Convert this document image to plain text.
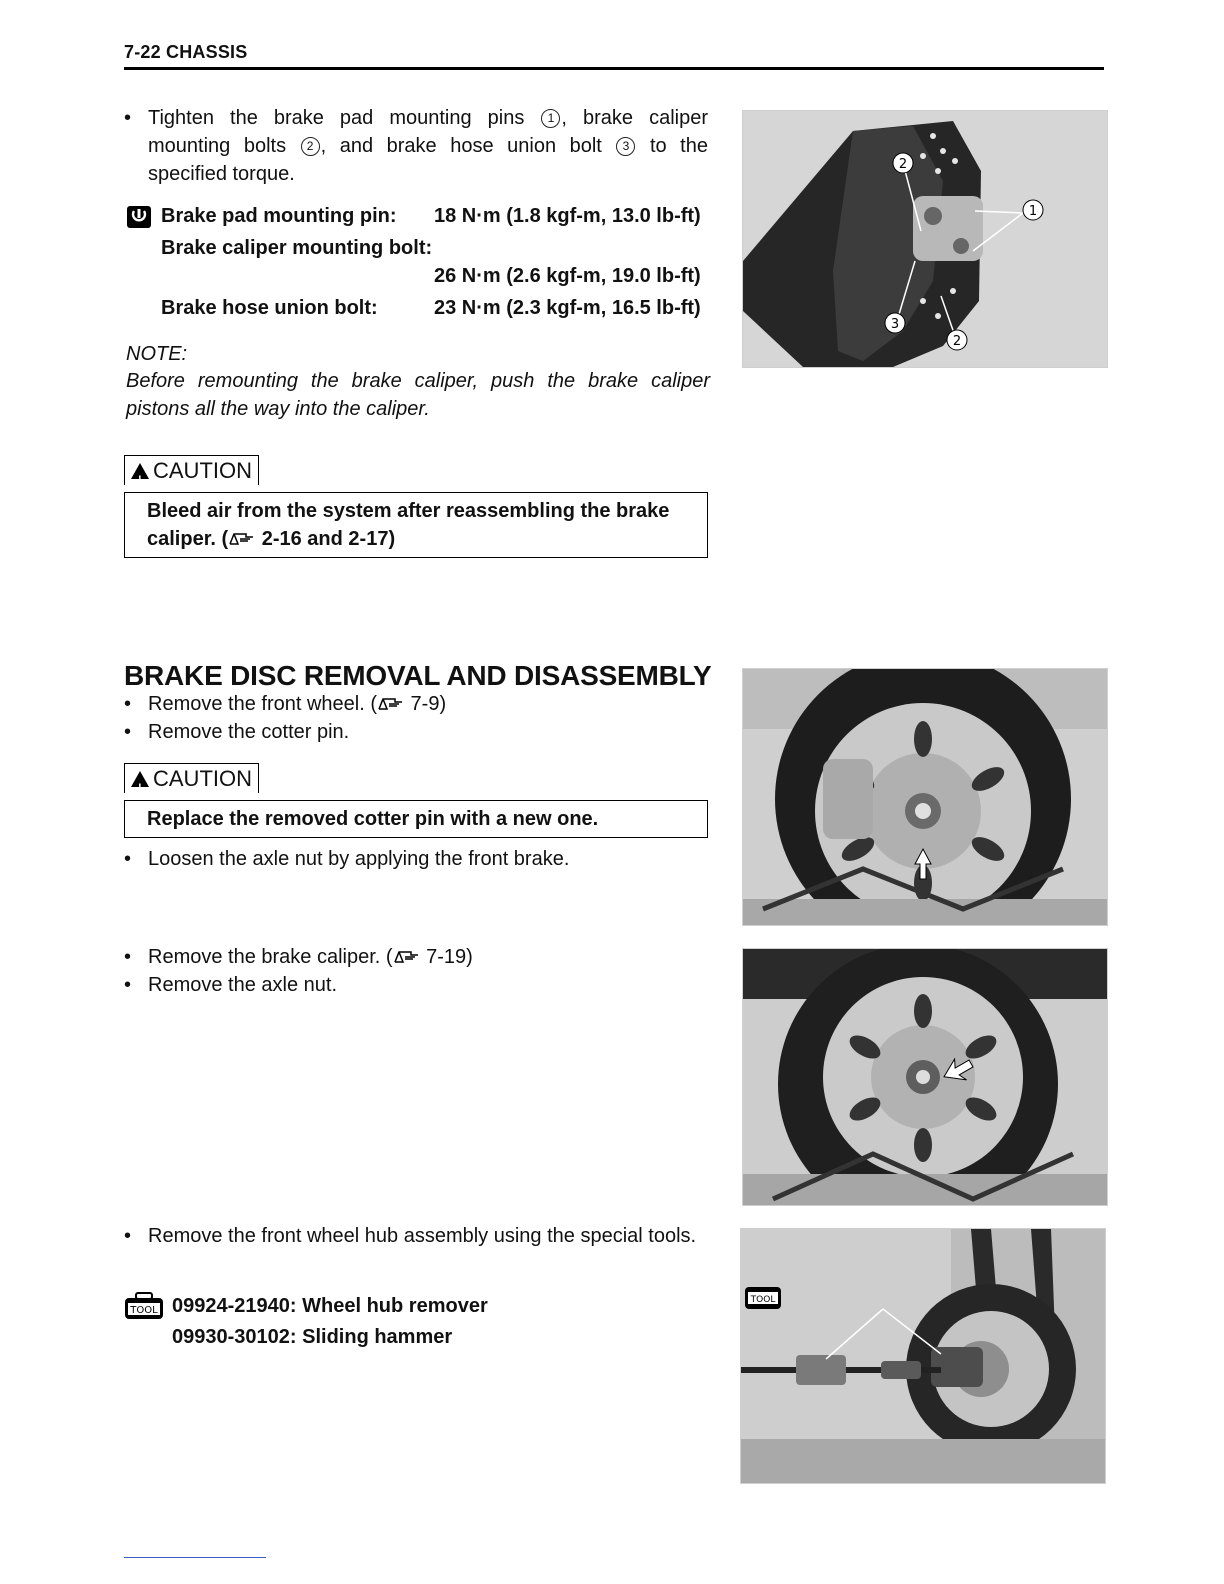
7-22 CHASSIS
• Tighten the brake pad mounting pins 1 , brake caliper mounting bolts 2 , and brake hose union bolt 3 to the specified torque.
Brake pad mounting pin: 18 N·m (1.8 kgf-m, 13.0 lb-ft)
Brake caliper mounting bolt:
26 N·m (2.6 kgf-m, 19.0 lb-ft)
Brake hose union bolt:	23 N·m (2.3 kgf-m, 16.5 lb-ft)
NOTE:
Before remounting the brake caliper, push the brake caliper pistons all the way into the caliper.
!CAUTION
Bleed air from the system after reassembling the brake caliper. ( 2-16 and 2-17)
2
1
3
2
BRAKE DISC REMOVAL AND DISASSEMBLY
• Remove the front wheel. ( 7-9)
• Remove the cotter pin.
!CAUTION
Replace the removed cotter pin with a new one.
• Loosen the axle nut by applying the front brake.
• Remove the brake caliper. ( 7-19)
• Remove the axle nut.
• Remove the front wheel hub assembly using the special tools.
TOOL 09924-21940: Wheel hub remover
09930-30102: Sliding hammer
TOOL
